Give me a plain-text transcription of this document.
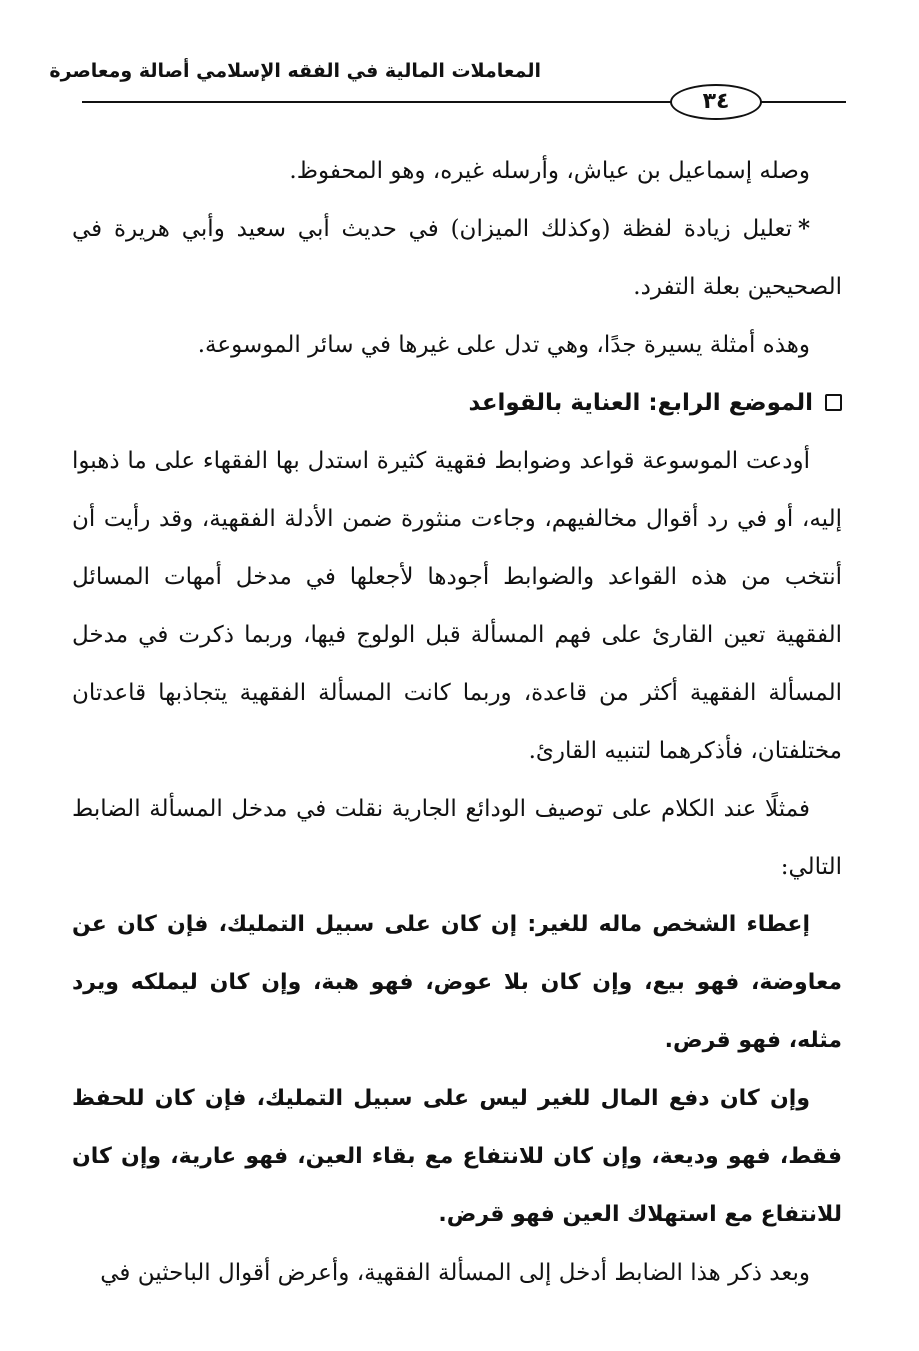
المعاملات المالية في الفقه الإسلامي أصالة ومعاصرة
٣٤

وصله إسماعيل بن عياش، وأرسله غيره، وهو المحفوظ.

*تعليل زيادة لفظة (وكذلك الميزان) في حديث أبي سعيد وأبي هريرة في الصحيحين بعلة التفرد.

وهذه أمثلة يسيرة جدًا، وهي تدل على غيرها في سائر الموسوعة.

الموضع الرابع: العناية بالقواعد

أودعت الموسوعة قواعد وضوابط فقهية كثيرة استدل بها الفقهاء على ما ذهبوا إليه، أو في رد أقوال مخالفيهم، وجاءت منثورة ضمن الأدلة الفقهية، وقد رأيت أن أنتخب من هذه القواعد والضوابط أجودها لأجعلها في مدخل أمهات المسائل الفقهية تعين القارئ على فهم المسألة قبل الولوج فيها، وربما ذكرت في مدخل المسألة الفقهية أكثر من قاعدة، وربما كانت المسألة الفقهية يتجاذبها قاعدتان مختلفتان، فأذكرهما لتنبيه القارئ.

فمثلًا عند الكلام على توصيف الودائع الجارية نقلت في مدخل المسألة الضابط التالي:

إعطاء الشخص ماله للغير: إن كان على سبيل التمليك، فإن كان عن معاوضة، فهو بيع، وإن كان بلا عوض، فهو هبة، وإن كان ليملكه ويرد مثله، فهو قرض.

وإن كان دفع المال للغير ليس على سبيل التمليك، فإن كان للحفظ فقط، فهو وديعة، وإن كان للانتفاع مع بقاء العين، فهو عارية، وإن كان للانتفاع مع استهلاك العين فهو قرض.

وبعد ذكر هذا الضابط أدخل إلى المسألة الفقهية، وأعرض أقوال الباحثين في
